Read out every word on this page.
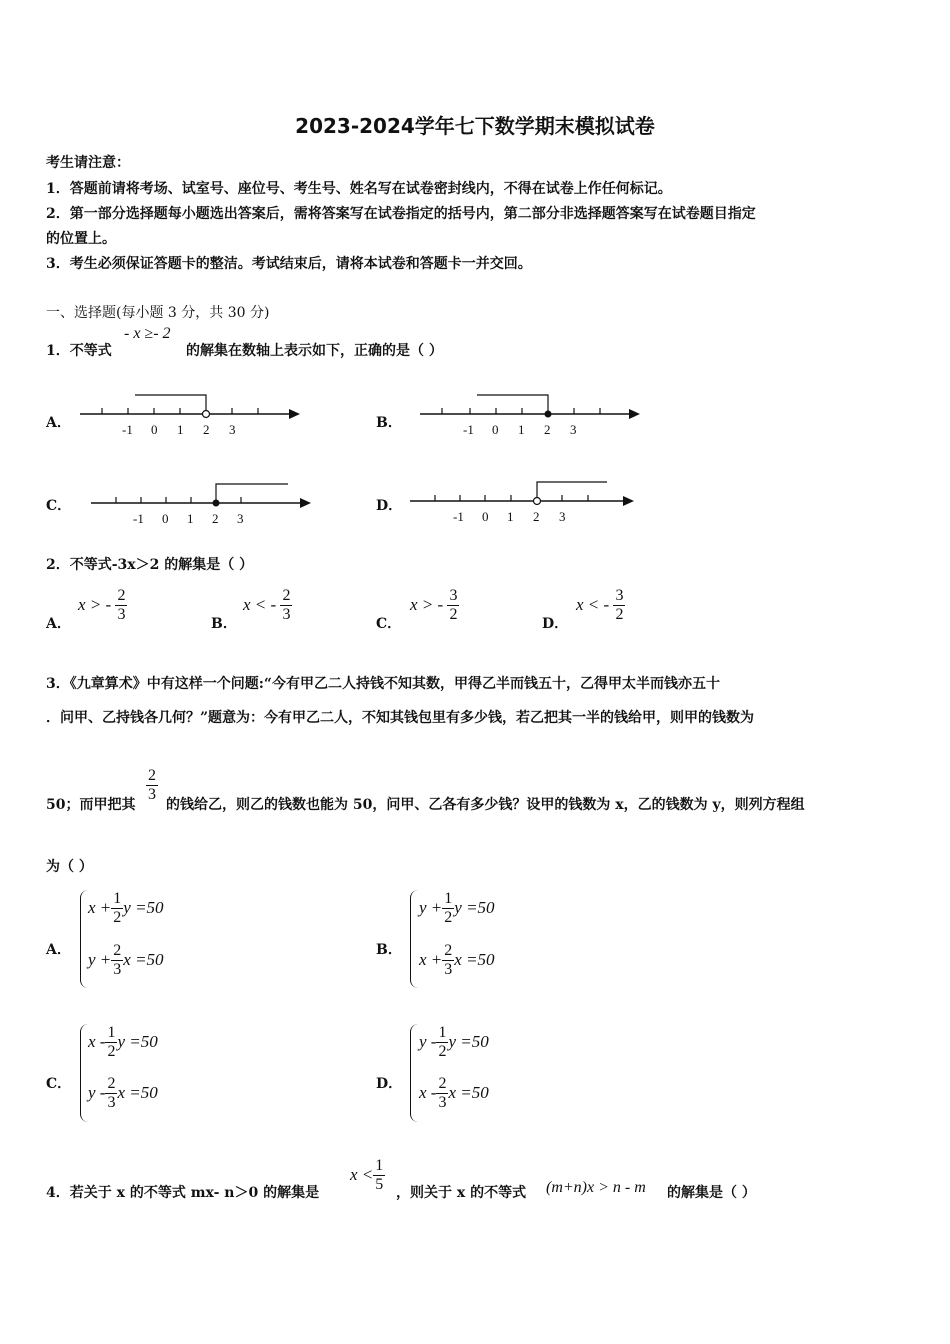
2023-2024学年七下数学期末模拟试卷
考生请注意：
1．答题前请将考场、试室号、座位号、考生号、姓名写在试卷密封线内，不得在试卷上作任何标记。
2．第一部分选择题每小题选出答案后，需将答案写在试卷指定的括号内，第二部分非选择题答案写在试卷题目指定
的位置上。
3．考生必须保证答题卡的整洁。考试结束后，请将本试卷和答题卡一并交回。
一、选择题(每小题 3 分，共 30 分)
1．不等式
- x ≥- 2
的解集在数轴上表示如下，正确的是（ ）
A．	-1 0 1 2 3	B．	-1 0 1 2 3
C．
-1 0 1 2 3
D．
-1 0 1 2 3
2．不等式-3x＞2 的解集是（ ）
A．
x > - $\frac{2}{3}$	B．
x < - $\frac{2}{3}$	C．
x > - $\frac{3}{2}$	D．
x < - $\frac{3}{2}$
3．《九章算术》中有这样一个问题:“今有甲乙二人持钱不知其数，甲得乙半而钱五十，乙得甲太半而钱亦五十
．问甲、乙持钱各几何？”题意为：今有甲乙二人，不知其钱包里有多少钱，若乙把其一半的钱给甲，则甲的钱数为
50；而甲把其
$\frac{2}{3}$
的钱给乙，则乙的钱数也能为 50，问甲、乙各有多少钱？设甲的钱数为 x，乙的钱数为 y，则列方程组
为（ ）
A．
$x + \frac{1}{2}$ y =50
$y + \frac{2}{3}$ x =50	B．
$y + \frac{1}{2}$ y =50
$x + \frac{2}{3}$ x =50
C．
x - $\frac{1}{2}$ y =50
y - $\frac{2}{3}$ x =50	D．
y - $\frac{1}{2}$ y =50
x - $\frac{2}{3}$ x =50
4．若关于 x 的不等式 mx- n＞0 的解集是
$x < \frac{1}{5}$ ，则关于 x 的不等式 (m+n)x > n - m 的解集是（ ）
